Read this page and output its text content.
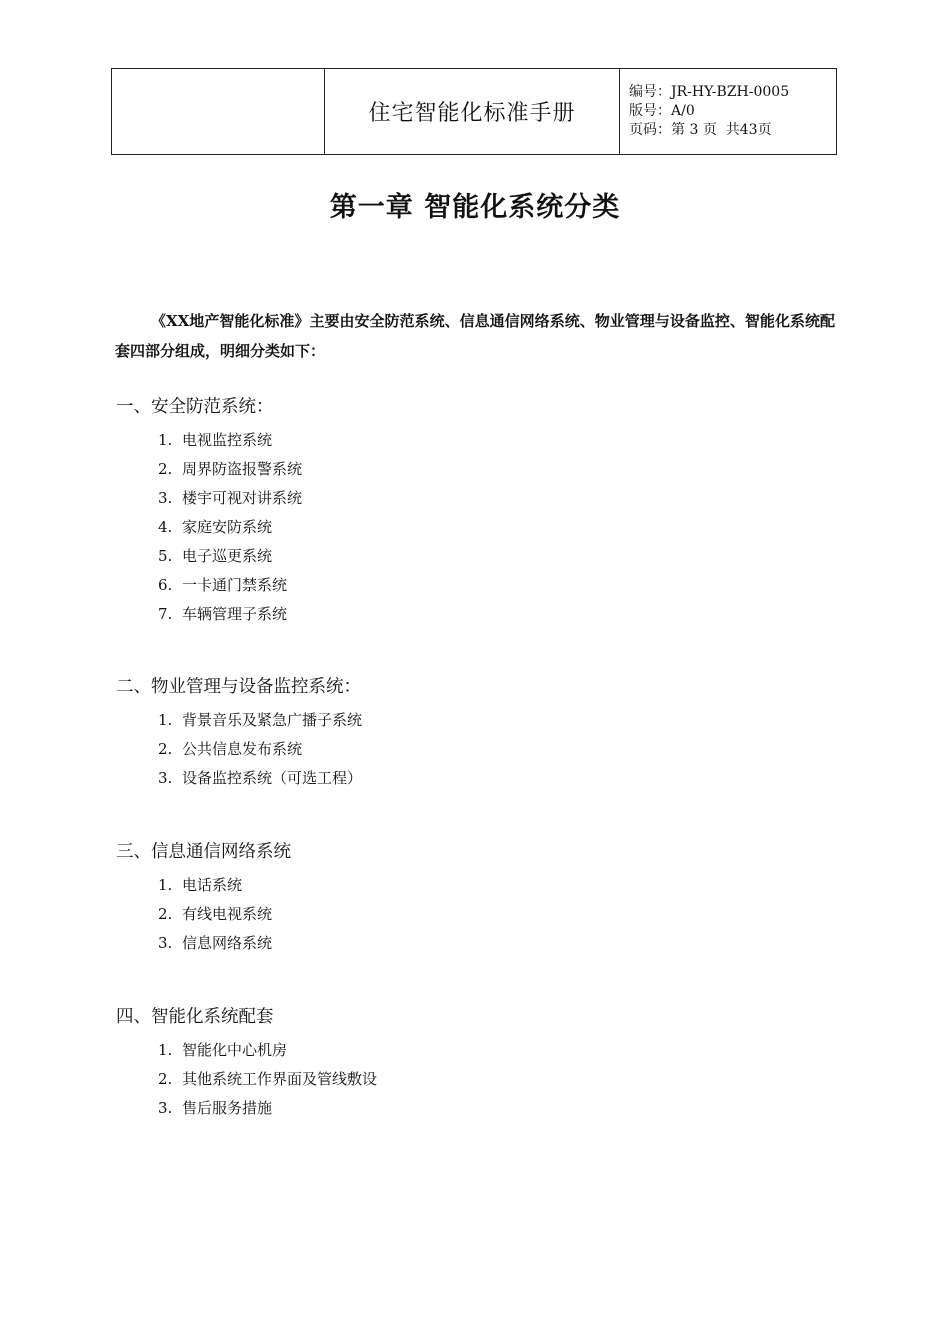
	住宅智能化标准手册	
编号：JR-HY-BZH-0005
版号：A/0
页码：第 3 页 共43页
第一章 智能化系统分类
《XX地产智能化标准》主要由安全防范系统、信息通信网络系统、物业管理与设备监控、智能化系统配套四部分组成，明细分类如下：
一、安全防范系统：
1. 电视监控系统
2. 周界防盗报警系统
3. 楼宇可视对讲系统
4. 家庭安防系统
5. 电子巡更系统
6. 一卡通门禁系统
7. 车辆管理子系统
二、物业管理与设备监控系统：
1. 背景音乐及紧急广播子系统
2. 公共信息发布系统
3. 设备监控系统（可选工程）
三、信息通信网络系统
1. 电话系统
2. 有线电视系统
3. 信息网络系统
四、智能化系统配套
1. 智能化中心机房
2. 其他系统工作界面及管线敷设
3. 售后服务措施
